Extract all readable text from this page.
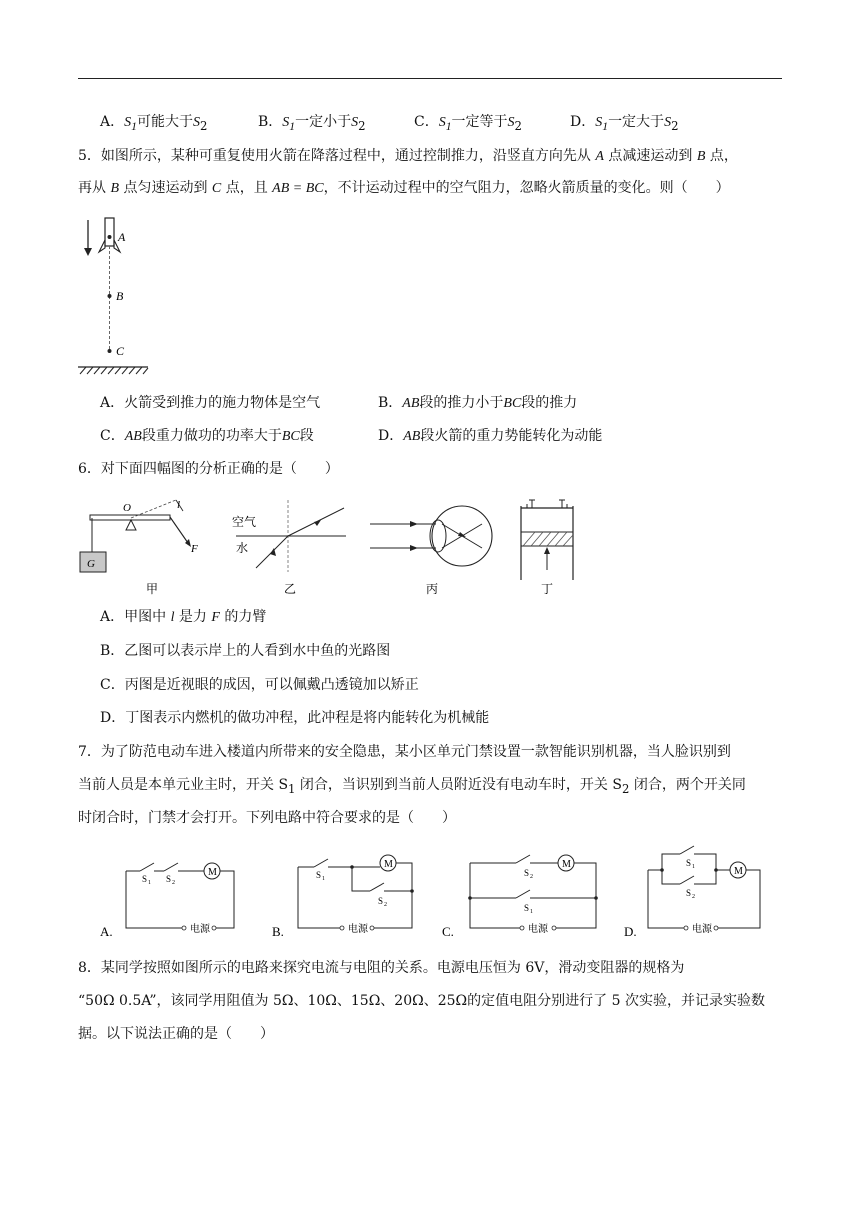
A．$S_1$可能大于$S_2$	B．$S_1$一定小于$S_2$	C．$S_1$一定等于$S_2$	D．$S_1$一定大于$S_2$
5．如图所示，某种可重复使用火箭在降落过程中，通过控制推力，沿竖直方向先从 A 点减速运动到 B 点，
再从 B 点匀速运动到 C 点，且 AB = BC，不计运动过程中的空气阻力，忽略火箭质量的变化。则（　　）
A
B
C
A．火箭受到推力的施力物体是空气	B．AB段的推力小于BC段的推力
C．AB段重力做功的功率大于BC段	D．AB段火箭的重力势能转化为动能
6．对下面四幅图的分析正确的是（　　）
G
O
F
l
甲
空气
水
乙	丙	丁
A．甲图中 l 是力 F 的力臂
B．乙图可以表示岸上的人看到水中鱼的光路图
C．丙图是近视眼的成因，可以佩戴凸透镜加以矫正
D．丁图表示内燃机的做功冲程，此冲程是将内能转化为机械能
7．为了防范电动车进入楼道内所带来的安全隐患，某小区单元门禁设置一款智能识别机器，当人脸识别到
当前人员是本单元业主时，开关 $S_1$ 闭合，当识别到当前人员附近没有电动车时，开关 $S_2$ 闭合，两个开关同
时闭合时，门禁才会打开。下列电路中符合要求的是（　　）
A.	电源
M
S 1 S 2
B.	电源
M
S 1
S 2
C.	电源
M
S 2
S 1
D.	电源
M
S 1
S 2
8．某同学按照如图所示的电路来探究电流与电阻的关系。电源电压恒为 6V，滑动变阻器的规格为
“50Ω 0.5A”，该同学用阻值为 5Ω、10Ω、15Ω、20Ω、25Ω的定值电阻分别进行了 5 次实验，并记录实验数
据。以下说法正确的是（　　）
